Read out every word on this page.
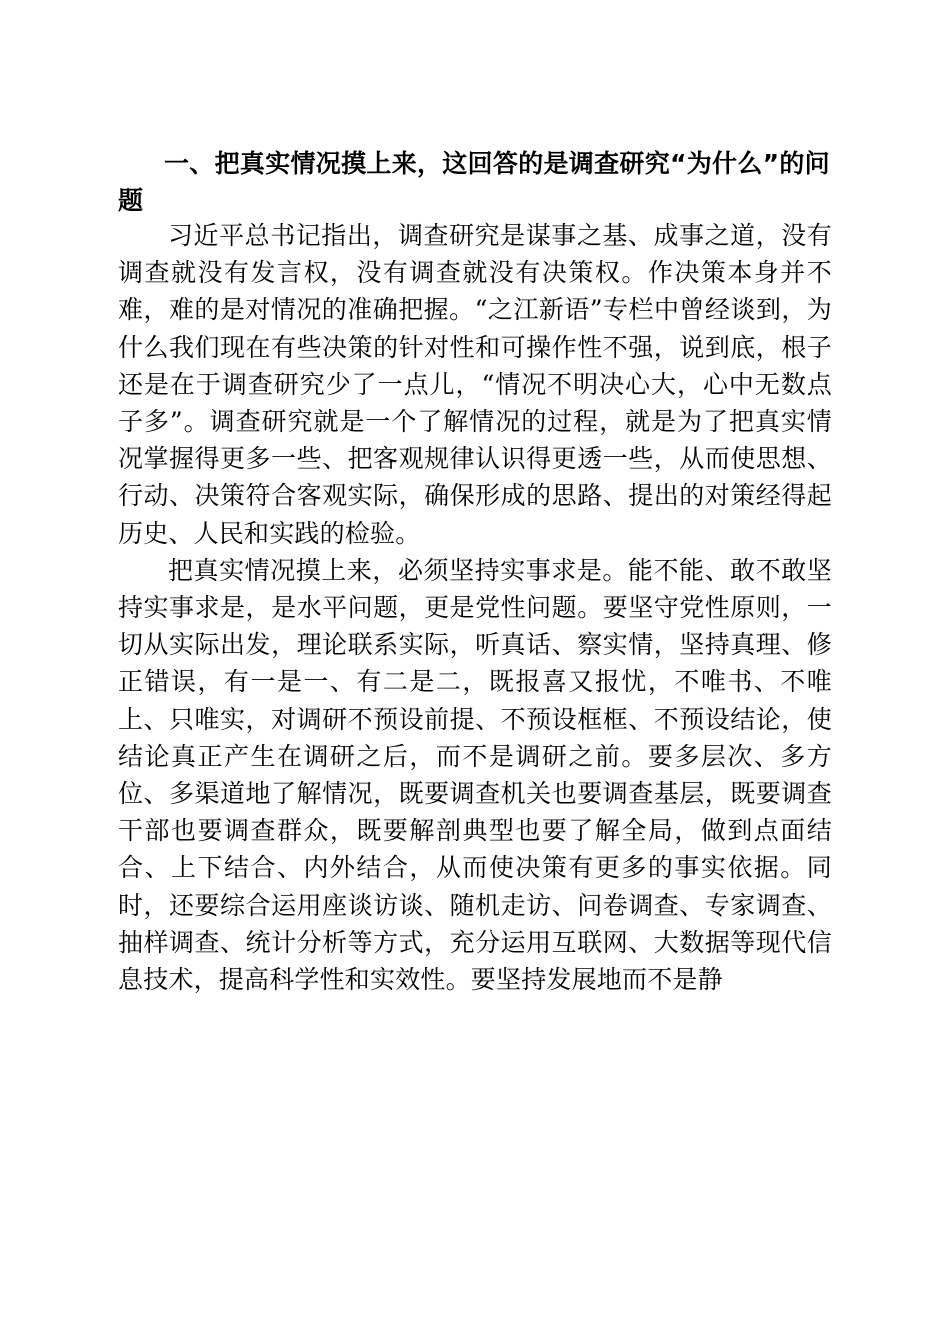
一、把真实情况摸上来，这回答的是调查研究“为什么”的问题

习近平总书记指出，调查研究是谋事之基、成事之道，没有调查就没有发言权，没有调查就没有决策权。作决策本身并不难，难的是对情况的准确把握。“之江新语”专栏中曾经谈到，为什么我们现在有些决策的针对性和可操作性不强，说到底，根子还是在于调查研究少了一点儿，“情况不明决心大，心中无数点子多”。调查研究就是一个了解情况的过程，就是为了把真实情况掌握得更多一些、把客观规律认识得更透一些，从而使思想、行动、决策符合客观实际，确保形成的思路、提出的对策经得起历史、人民和实践的检验。

把真实情况摸上来，必须坚持实事求是。能不能、敢不敢坚持实事求是，是水平问题，更是党性问题。要坚守党性原则，一切从实际出发，理论联系实际，听真话、察实情，坚持真理、修正错误，有一是一、有二是二，既报喜又报忧，不唯书、不唯上、只唯实，对调研不预设前提、不预设框框、不预设结论，使结论真正产生在调研之后，而不是调研之前。要多层次、多方位、多渠道地了解情况，既要调查机关也要调查基层，既要调查干部也要调查群众，既要解剖典型也要了解全局，做到点面结合、上下结合、内外结合，从而使决策有更多的事实依据。同时，还要综合运用座谈访谈、随机走访、问卷调查、专家调查、抽样调查、统计分析等方式，充分运用互联网、大数据等现代信息技术，提高科学性和实效性。要坚持发展地而不是静
